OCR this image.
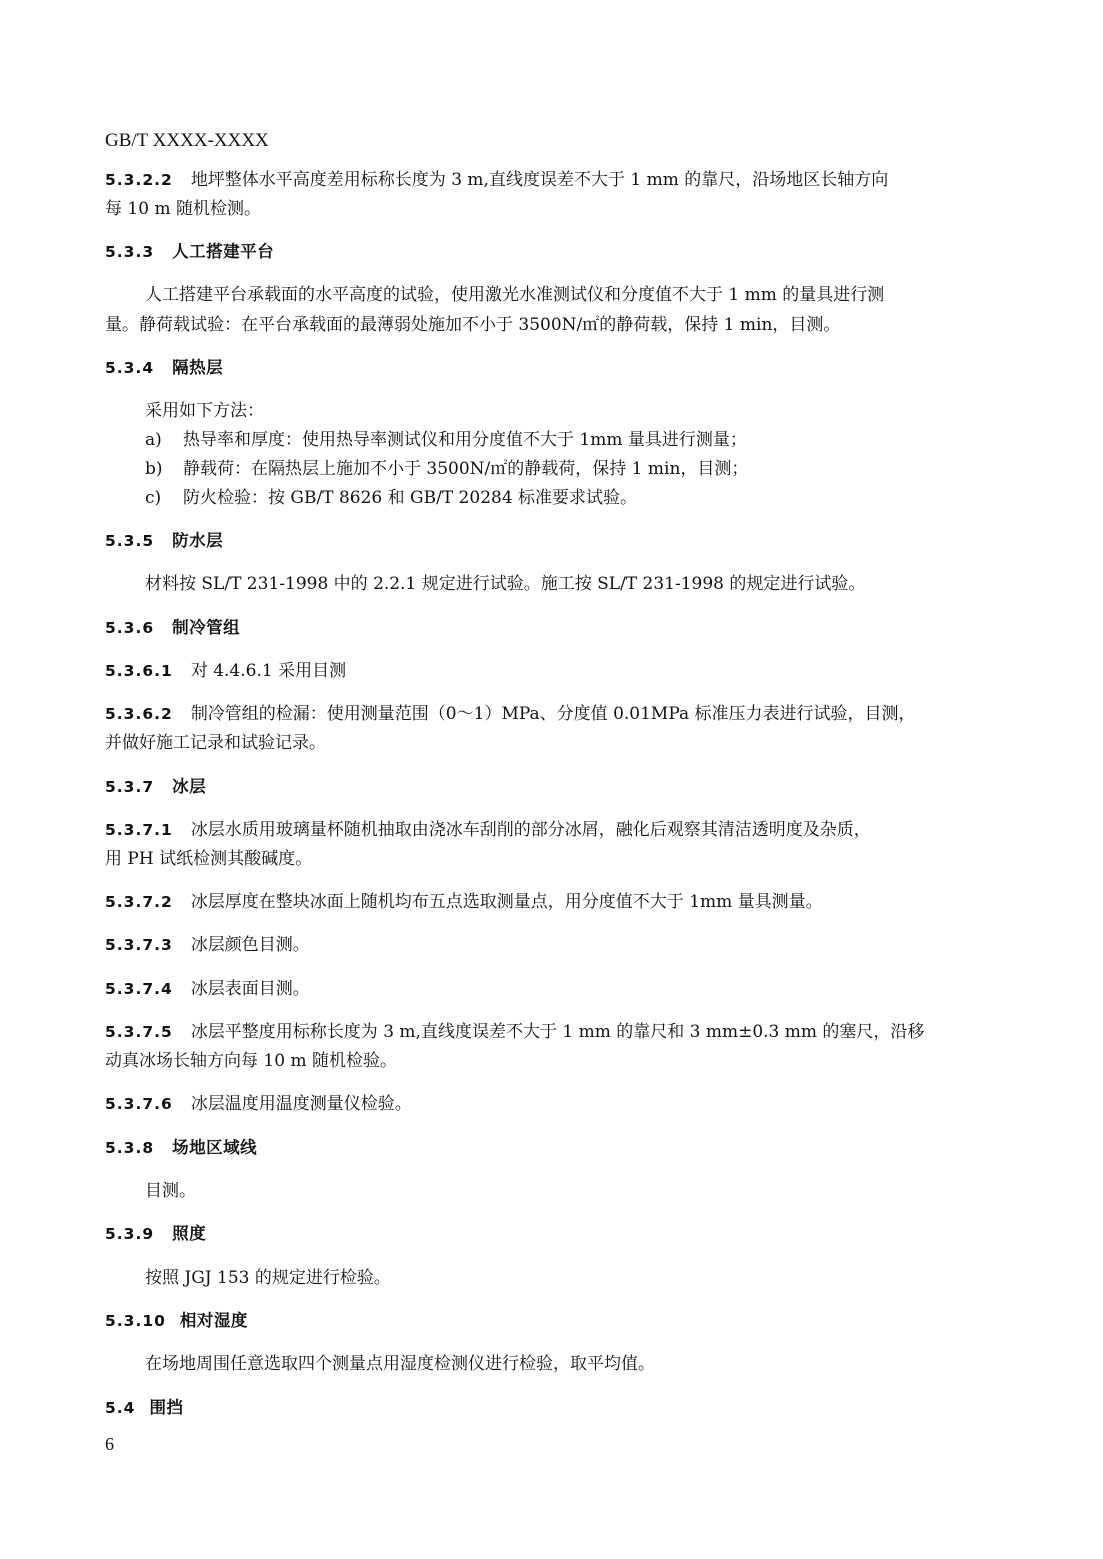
GB/T XXXX-XXXX
5.3.2.2 地坪整体水平高度差用标称长度为 3 m,直线度误差不大于 1 mm 的靠尺，沿场地区长轴方向
每 10 m 随机检测。
5.3.3 人工搭建平台
人工搭建平台承载面的水平高度的试验，使用激光水准测试仪和分度值不大于 1 mm 的量具进行测
量。静荷载试验：在平台承载面的最薄弱处施加不小于 3500N/㎡的静荷载，保持 1 min，目测。
5.3.4 隔热层
采用如下方法：
a) 热导率和厚度：使用热导率测试仪和用分度值不大于 1mm 量具进行测量；
b) 静载荷：在隔热层上施加不小于 3500N/㎡的静载荷，保持 1 min，目测；
c) 防火检验：按 GB/T 8626 和 GB/T 20284 标准要求试验。
5.3.5 防水层
材料按 SL/T 231-1998 中的 2.2.1 规定进行试验。施工按 SL/T 231-1998 的规定进行试验。
5.3.6 制冷管组
5.3.6.1 对 4.4.6.1 采用目测
5.3.6.2 制冷管组的检漏：使用测量范围（0～1）MPa、分度值 0.01MPa 标准压力表进行试验，目测，
并做好施工记录和试验记录。
5.3.7 冰层
5.3.7.1 冰层水质用玻璃量杯随机抽取由浇冰车刮削的部分冰屑，融化后观察其清洁透明度及杂质，
用 PH 试纸检测其酸碱度。
5.3.7.2 冰层厚度在整块冰面上随机均布五点选取测量点，用分度值不大于 1mm 量具测量。
5.3.7.3 冰层颜色目测。
5.3.7.4 冰层表面目测。
5.3.7.5 冰层平整度用标称长度为 3 m,直线度误差不大于 1 mm 的靠尺和 3 mm±0.3 mm 的塞尺，沿移
动真冰场长轴方向每 10 m 随机检验。
5.3.7.6 冰层温度用温度测量仪检验。
5.3.8 场地区域线
目测。
5.3.9 照度
按照 JGJ 153 的规定进行检验。
5.3.10 相对湿度
在场地周围任意选取四个测量点用湿度检测仪进行检验，取平均值。
5.4 围挡
6
